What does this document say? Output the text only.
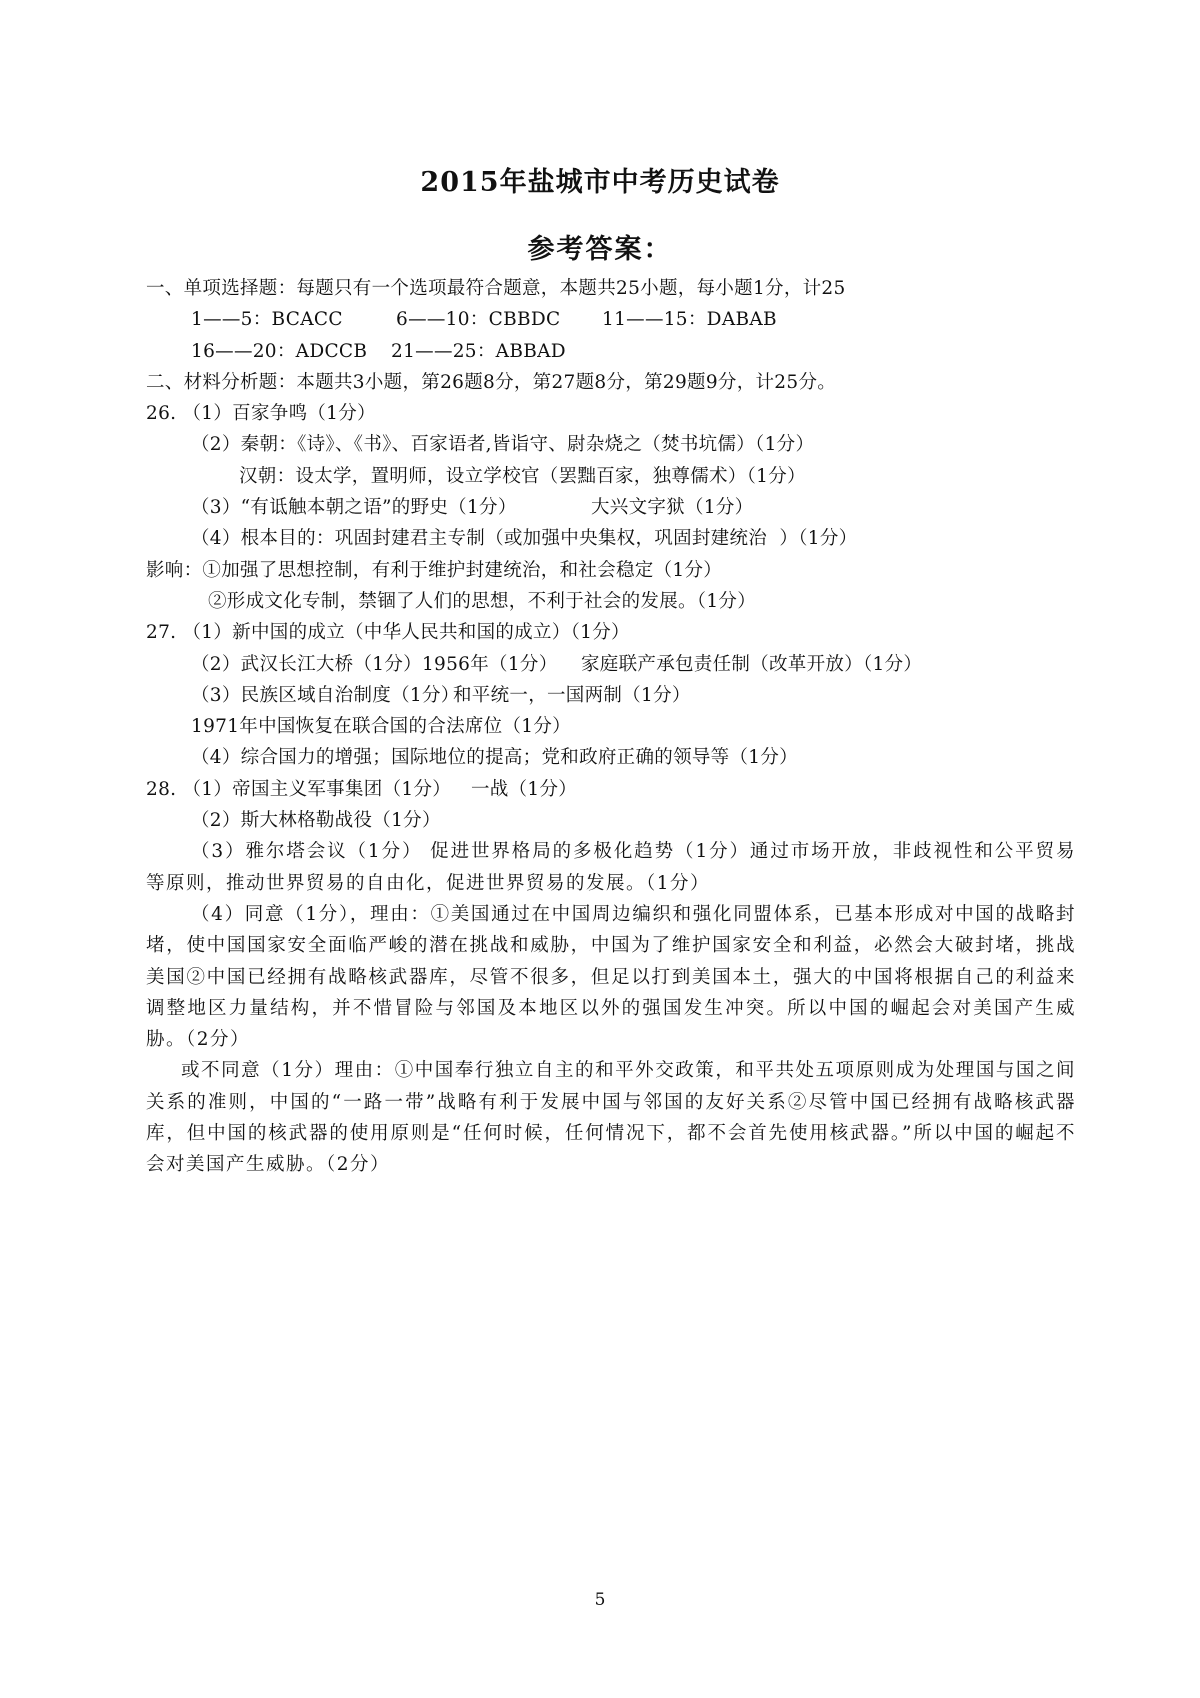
2015年盐城市中考历史试卷
参考答案：
一、单项选择题：每题只有一个选项最符合题意，本题共25小题，每小题1分，计25
1——5：BCACC	6——10：CBBDC 11——15：DABAB
16——20：ADCCB 21——25：ABBAD
二、材料分析题：本题共3小题，第26题8分，第27题8分，第29题9分，计25分。
26. （1）百家争鸣（1分）
（2）秦朝：《诗》、《书》、百家语者,皆诣守、尉杂烧之（焚书坑儒）（1分）
汉朝：设太学，置明师，设立学校官（罢黜百家，独尊儒术）（1分）
（3）“有诋触本朝之语”的野史（1分）	大兴文字狱（1分）
（4）根本目的：巩固封建君主专制（或加强中央集权，巩固封建统治  ）（1分）
影响：①加强了思想控制，有利于维护封建统治，和社会稳定（1分）
②形成文化专制，禁锢了人们的思想，不利于社会的发展。（1分）
27. （1）新中国的成立（中华人民共和国的成立）（1分）
（2）武汉长江大桥（1分）1956年（1分） 家庭联产承包责任制（改革开放）（1分）
（3）民族区域自治制度（1分）和平统一，一国两制（1分）
1971年中国恢复在联合国的合法席位（1分）
（4）综合国力的增强；国际地位的提高；党和政府正确的领导等（1分）
28. （1）帝国主义军事集团（1分） 一战（1分）
（2）斯大林格勒战役（1分）
（3）雅尔塔会议（1分） 促进世界格局的多极化趋势（1分）通过市场开放，非歧视性和公平贸易等原则，推动世界贸易的自由化，促进世界贸易的发展。（1分）
（4）同意（1分），理由：①美国通过在中国周边编织和强化同盟体系，已基本形成对中国的战略封堵，使中国国家安全面临严峻的潜在挑战和威胁，中国为了维护国家安全和利益，必然会大破封堵，挑战美国②中国已经拥有战略核武器库，尽管不很多，但足以打到美国本土，强大的中国将根据自己的利益来调整地区力量结构，并不惜冒险与邻国及本地区以外的强国发生冲突。所以中国的崛起会对美国产生威胁。（2分）
或不同意（1分）理由：①中国奉行独立自主的和平外交政策，和平共处五项原则成为处理国与国之间关系的准则，中国的“一路一带”战略有利于发展中国与邻国的友好关系②尽管中国已经拥有战略核武器库，但中国的核武器的使用原则是“任何时候，任何情况下，都不会首先使用核武器。”所以中国的崛起不会对美国产生威胁。（2分）
5
